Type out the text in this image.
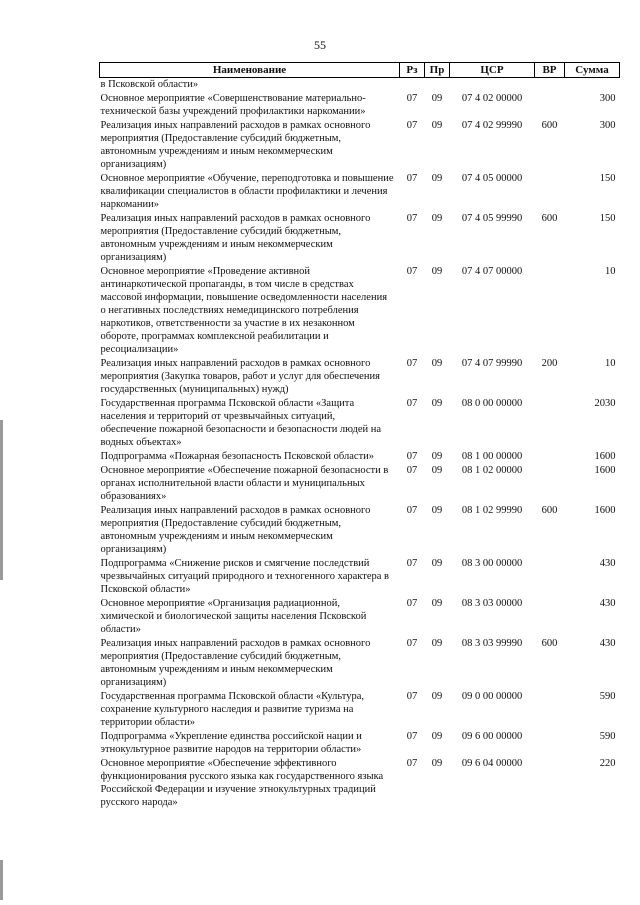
55
Наименование	Рз	Пр	ЦСР	ВР	Сумма
в Псковской области»					
Основное мероприятие «Совершенствование материально-технической базы учреждений профилактики наркомании»	07	09	07 4 02 00000		300
Реализация иных направлений расходов в рамках основного мероприятия (Предоставление субсидий бюджетным, автономным учреждениям и иным некоммерческим организациям)	07	09	07 4 02 99990	600	300
Основное мероприятие «Обучение, переподготовка и повышение квалификации специалистов в области профилактики и лечения наркомании»	07	09	07 4 05 00000		150
Реализация иных направлений расходов в рамках основного мероприятия (Предоставление субсидий бюджетным, автономным учреждениям и иным некоммерческим организациям)	07	09	07 4 05 99990	600	150
Основное мероприятие «Проведение активной антинаркотической пропаганды, в том числе в средствах массовой информации, повышение осведомленности населения о негативных последствиях немедицинского потребления наркотиков, ответственности за участие в их незаконном обороте, программах комплексной реабилитации и ресоциализации»	07	09	07 4 07 00000		10
Реализация иных направлений расходов в рамках основного мероприятия (Закупка товаров, работ и услуг для обеспечения государственных (муниципальных) нужд)	07	09	07 4 07 99990	200	10
Государственная программа Псковской области «Защита населения и территорий от чрезвычайных ситуаций, обеспечение пожарной безопасности и безопасности людей на водных объектах»	07	09	08 0 00 00000		2030
Подпрограмма «Пожарная безопасность Псковской области»	07	09	08 1 00 00000		1600
Основное мероприятие «Обеспечение пожарной безопасности в органах исполнительной власти области и муниципальных образованиях»	07	09	08 1 02 00000		1600
Реализация иных направлений расходов в рамках основного мероприятия (Предоставление субсидий бюджетным, автономным учреждениям и иным некоммерческим организациям)	07	09	08 1 02 99990	600	1600
Подпрограмма «Снижение рисков и смягчение последствий чрезвычайных ситуаций природного и техногенного характера в Псковской области»	07	09	08 3 00 00000		430
Основное мероприятие «Организация радиационной, химической и биологической защиты населения Псковской области»	07	09	08 3 03 00000		430
Реализация иных направлений расходов в рамках основного мероприятия (Предоставление субсидий бюджетным, автономным учреждениям и иным некоммерческим организациям)	07	09	08 3 03 99990	600	430
Государственная программа Псковской области «Культура, сохранение культурного наследия и развитие туризма на территории области»	07	09	09 0 00 00000		590
Подпрограмма «Укрепление единства российской нации и этнокультурное развитие народов на территории области»	07	09	09 6 00 00000		590
Основное мероприятие «Обеспечение эффективного функционирования русского языка как государственного языка Российской Федерации и изучение этнокультурных традиций русского народа»	07	09	09 6 04 00000		220
